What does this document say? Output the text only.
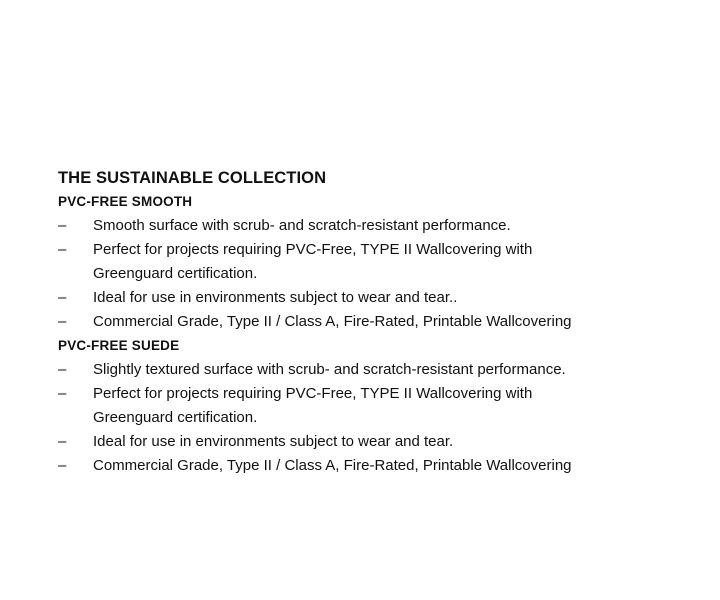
THE SUSTAINABLE COLLECTION
PVC-FREE SMOOTH
–	Smooth surface with scrub- and scratch-resistant performance.
–	Perfect for projects requiring PVC-Free, TYPE II Wallcovering with Greenguard certification.
–	Ideal for use in environments subject to wear and tear..
–	Commercial Grade, Type II / Class A, Fire-Rated, Printable Wallcovering
PVC-FREE SUEDE
–	Slightly textured surface with scrub- and scratch-resistant performance.
–	Perfect for projects requiring PVC-Free, TYPE II Wallcovering with Greenguard certification.
–	Ideal for use in environments subject to wear and tear.
–	Commercial Grade, Type II / Class A, Fire-Rated, Printable Wallcovering
